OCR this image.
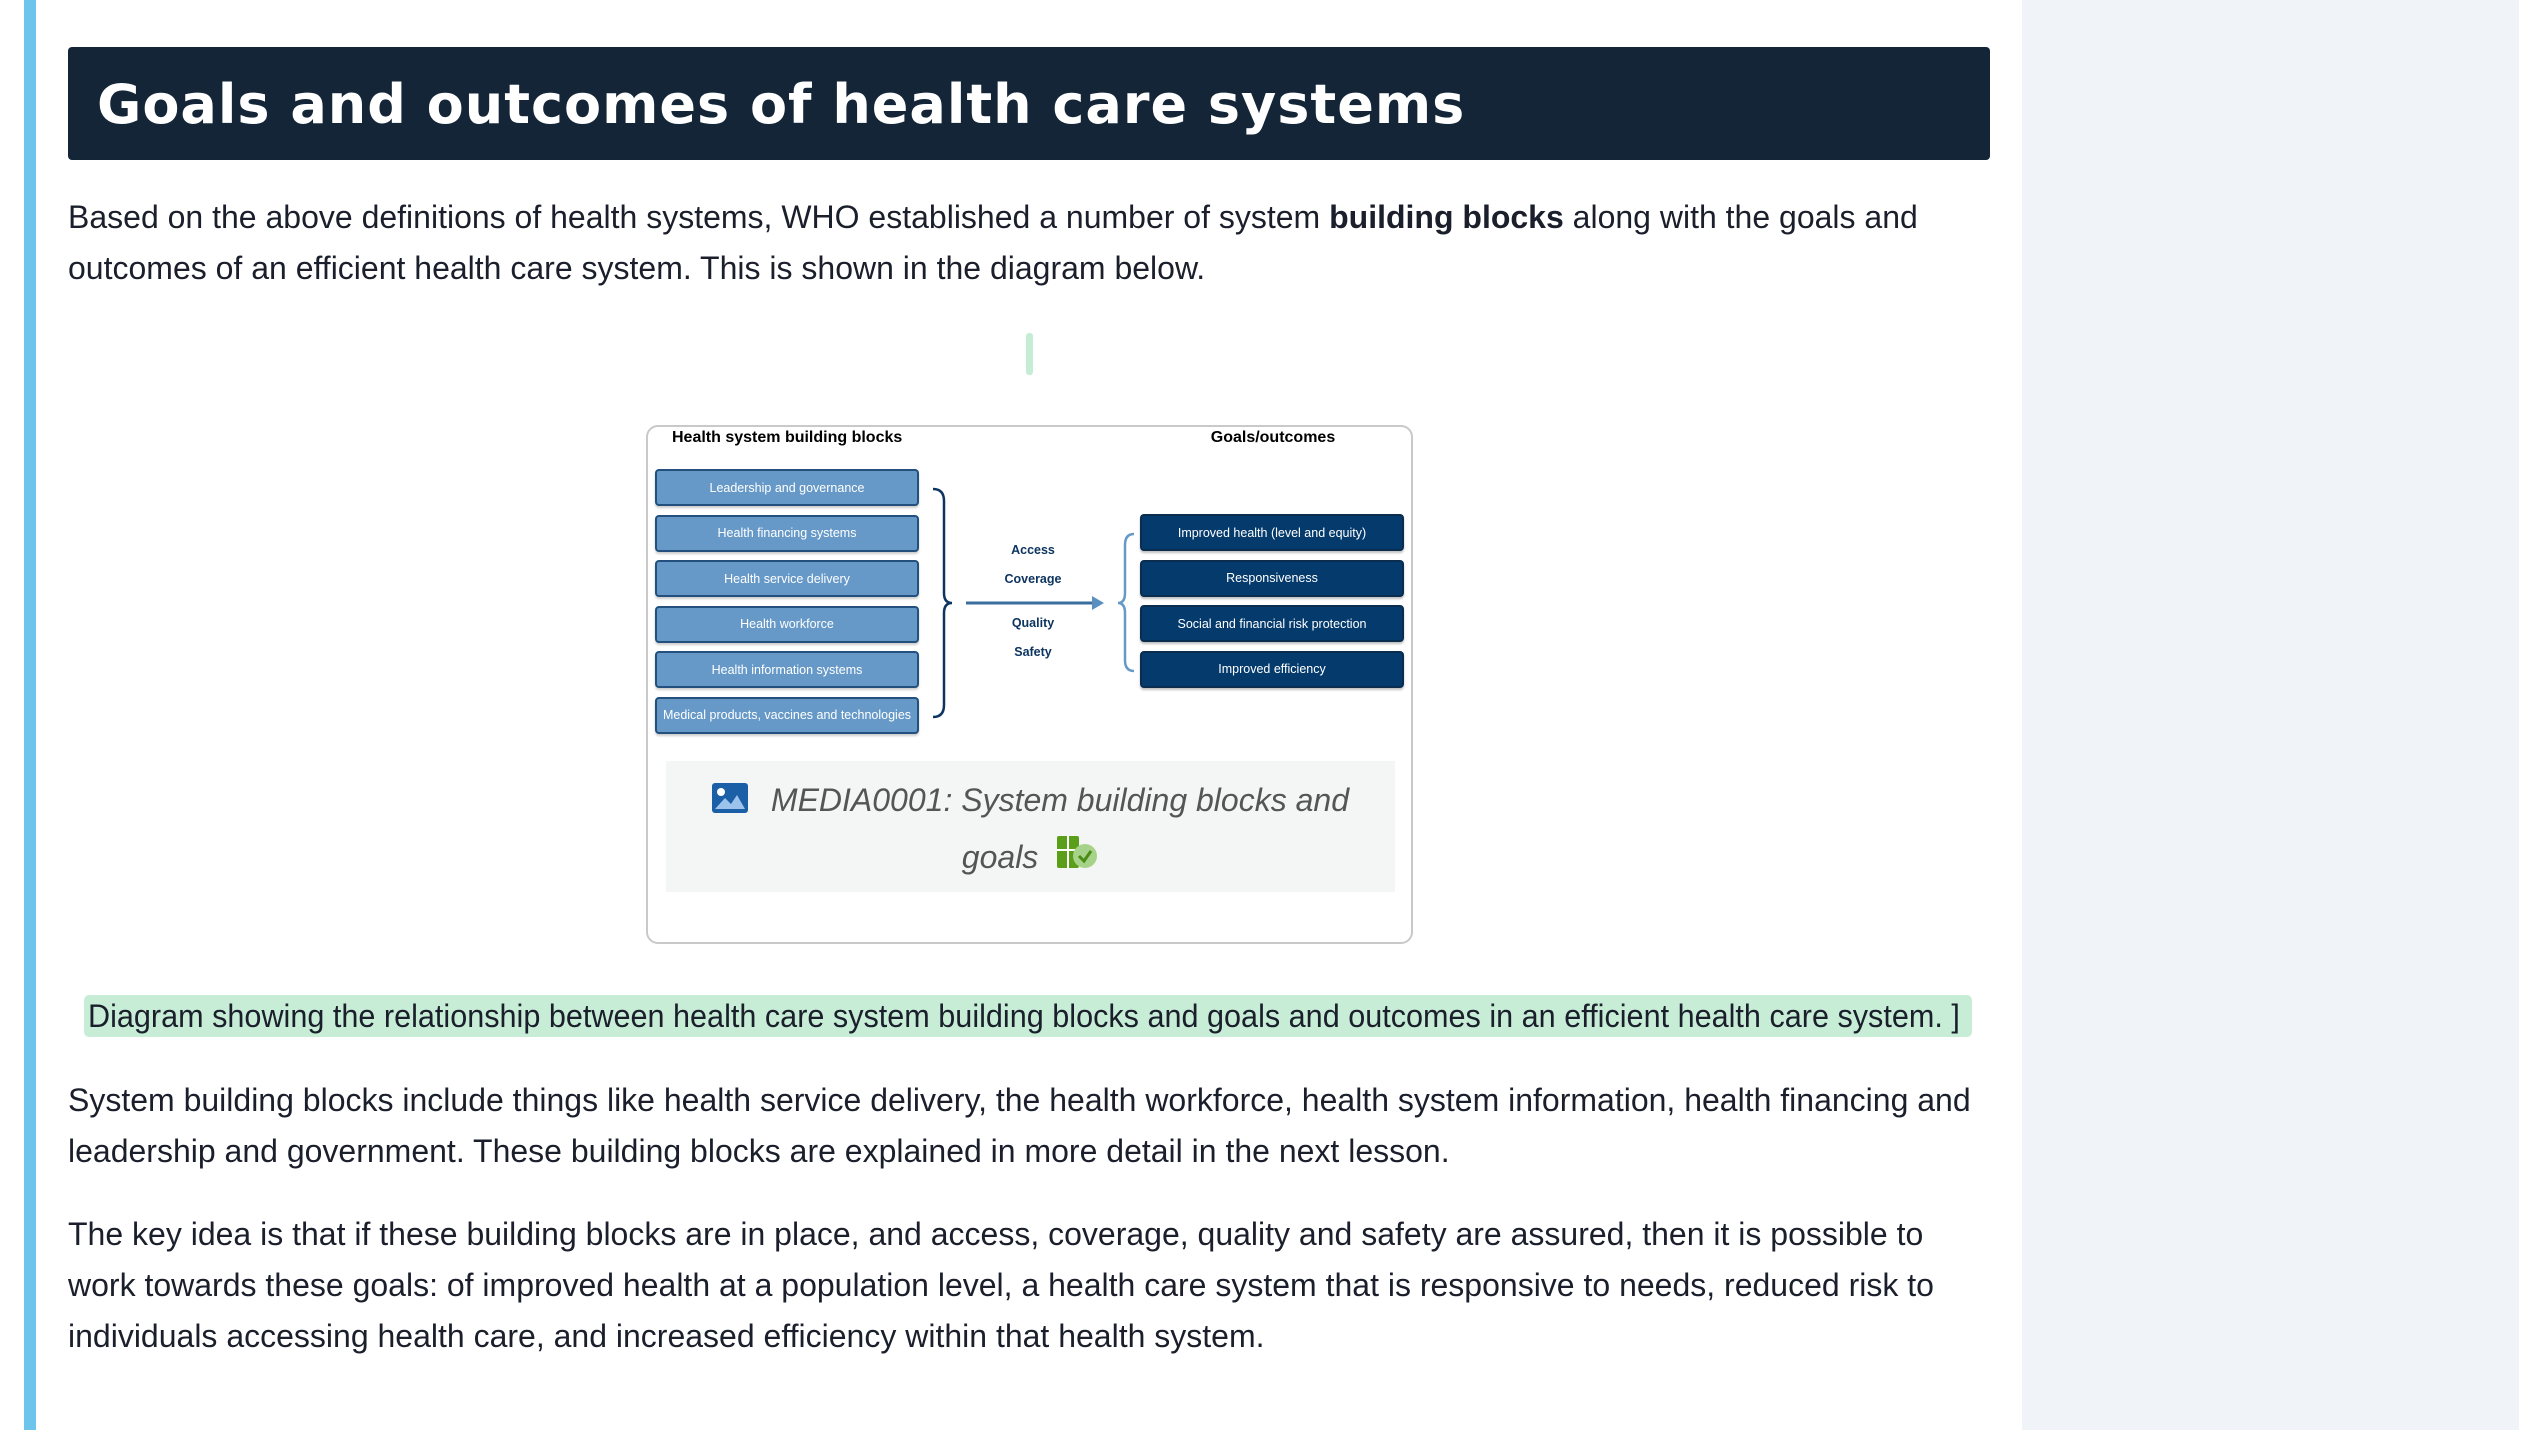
Goals and outcomes of health care systems

Based on the above definitions of health systems, WHO established a number of system building blocks along with the goals and outcomes of an efficient health care system. This is shown in the diagram below.

Health system building blocks	Goals/outcomes
Leadership and governance
Health financing systems
Health service delivery
Health workforce
Health information systems
Medical products, vaccines and technologies
Improved health (level and equity)
Responsiveness
Social and financial risk protection
Improved efficiency
Access
Coverage
Quality
Safety
MEDIA0001: System building blocks and goals
Diagram showing the relationship between health care system building blocks and goals and outcomes in an efficient health care system. ]

System building blocks include things like health service delivery, the health workforce, health system information, health financing and leadership and government. These building blocks are explained in more detail in the next lesson.

The key idea is that if these building blocks are in place, and access, coverage, quality and safety are assured, then it is possible to work towards these goals: of improved health at a population level, a health care system that is responsive to needs, reduced risk to individuals accessing health care, and increased efficiency within that health system.
